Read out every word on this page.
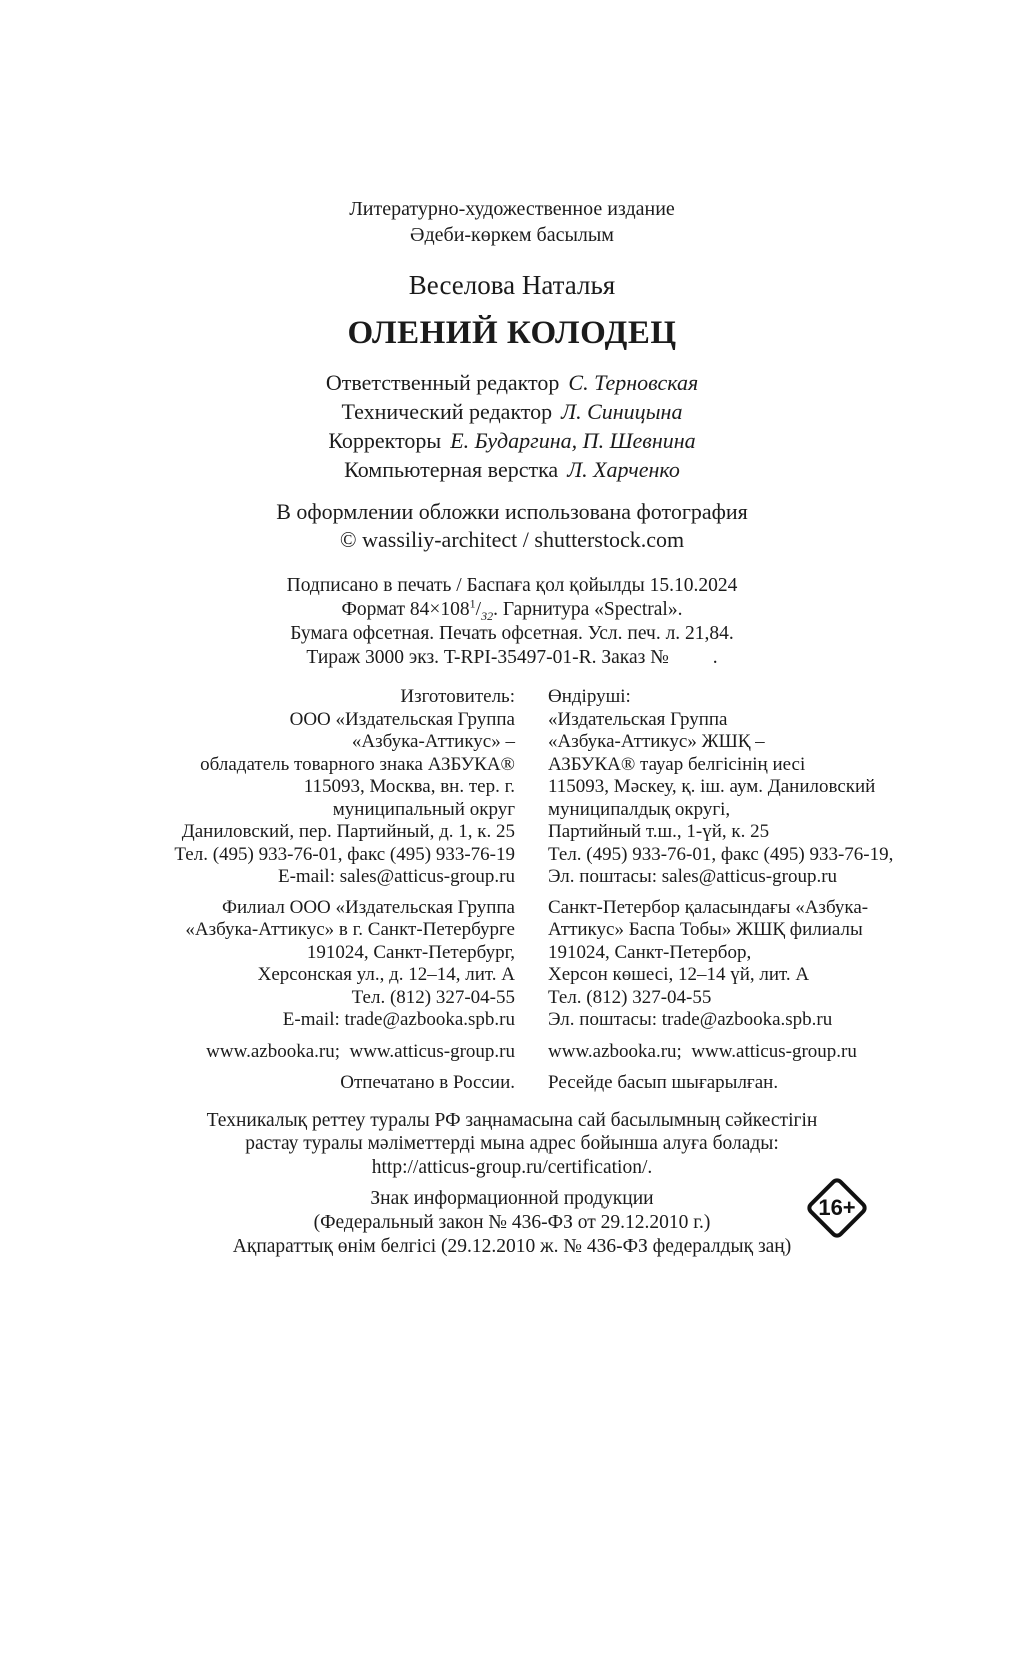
Литературно-художественное издание
Әдеби-көркем басылым
Веселова Наталья
ОЛЕНИЙ КОЛОДЕЦ
Ответственный редактор С. Терновская
Технический редактор Л. Синицына
Корректоры Е. Бударгина, П. Шевнина
Компьютерная верстка Л. Харченко
В оформлении обложки использована фотография
© wassiliy-architect / shutterstock.com
Подписано в печать / Баспаға қол қойылды 15.10.2024
Формат $84\times 108^1/_{32}$. Гарнитура «Spectral».
Бумага офсетная. Печать офсетная. Усл. печ. л. 21,84.
Тираж 3000 экз. T-RPI-35497-01-R. Заказ №         .
Изготовитель:
ООО «Издательская Группа
«Азбука-Аттикус» –
обладатель товарного знака АЗБУКА®
115093, Москва, вн. тер. г.
муниципальный округ
Даниловский, пер. Партийный, д. 1, к. 25
Тел. (495) 933-76-01, факс (495) 933-76-19
E-mail: sales@atticus-group.ru
Филиал ООО «Издательская Группа
«Азбука-Аттикус» в г. Санкт-Петербурге
191024, Санкт-Петербург,
Херсонская ул., д. 12–14, лит. А
Тел. (812) 327-04-55
E-mail: trade@azbooka.spb.ru
www.azbooka.ru;  www.atticus-group.ru
Отпечатано в России.
Өндіруші:
«Издательская Группа
«Азбука-Аттикус» ЖШҚ –
АЗБУКА® тауар белгісінің иесі
115093, Мәскеу, қ. іш. аум. Даниловский
муниципалдық округі,
Партийный т.ш., 1-үй, к. 25
Тел. (495) 933-76-01, факс (495) 933-76-19,
Эл. поштасы: sales@atticus-group.ru
Санкт-Петербор қаласындағы «Азбука-
Аттикус» Баспа Тобы» ЖШҚ филиалы
191024, Санкт-Петербор,
Херсон көшесі, 12–14 үй, лит. А
Тел. (812) 327-04-55
Эл. поштасы: trade@azbooka.spb.ru
www.azbooka.ru;  www.atticus-group.ru
Ресейде басып шығарылған.
Техникалық реттеу туралы РФ заңнамасына сай басылымның сәйкестігін
растау туралы мәліметтерді мына адрес бойынша алуға болады:
http://atticus-group.ru/certification/.
Знак информационной продукции
(Федеральный закон № 436-ФЗ от 29.12.2010 г.)
Ақпараттық өнім белгісі (29.12.2010 ж. № 436-ФЗ федералдық заң)
16+
